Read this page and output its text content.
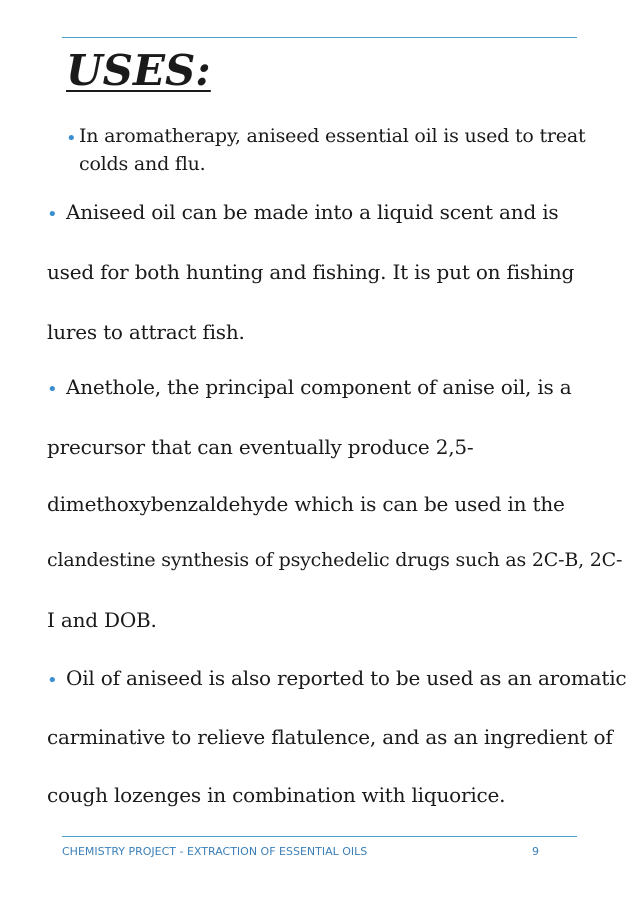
USES:
• In aromatherapy, aniseed essential oil is used to treat
colds and flu.
• Aniseed oil can be made into a liquid scent and is
used for both hunting and fishing. It is put on fishing
lures to attract fish.
• Anethole, the principal component of anise oil, is a
precursor that can eventually produce 2,5-
dimethoxybenzaldehyde which is can be used in the
clandestine synthesis of psychedelic drugs such as 2C-B, 2C-
I and DOB.
• Oil of aniseed is also reported to be used as an aromatic
carminative to relieve flatulence, and as an ingredient of
cough lozenges in combination with liquorice.
CHEMISTRY PROJECT - EXTRACTION OF ESSENTIAL OILS	9
